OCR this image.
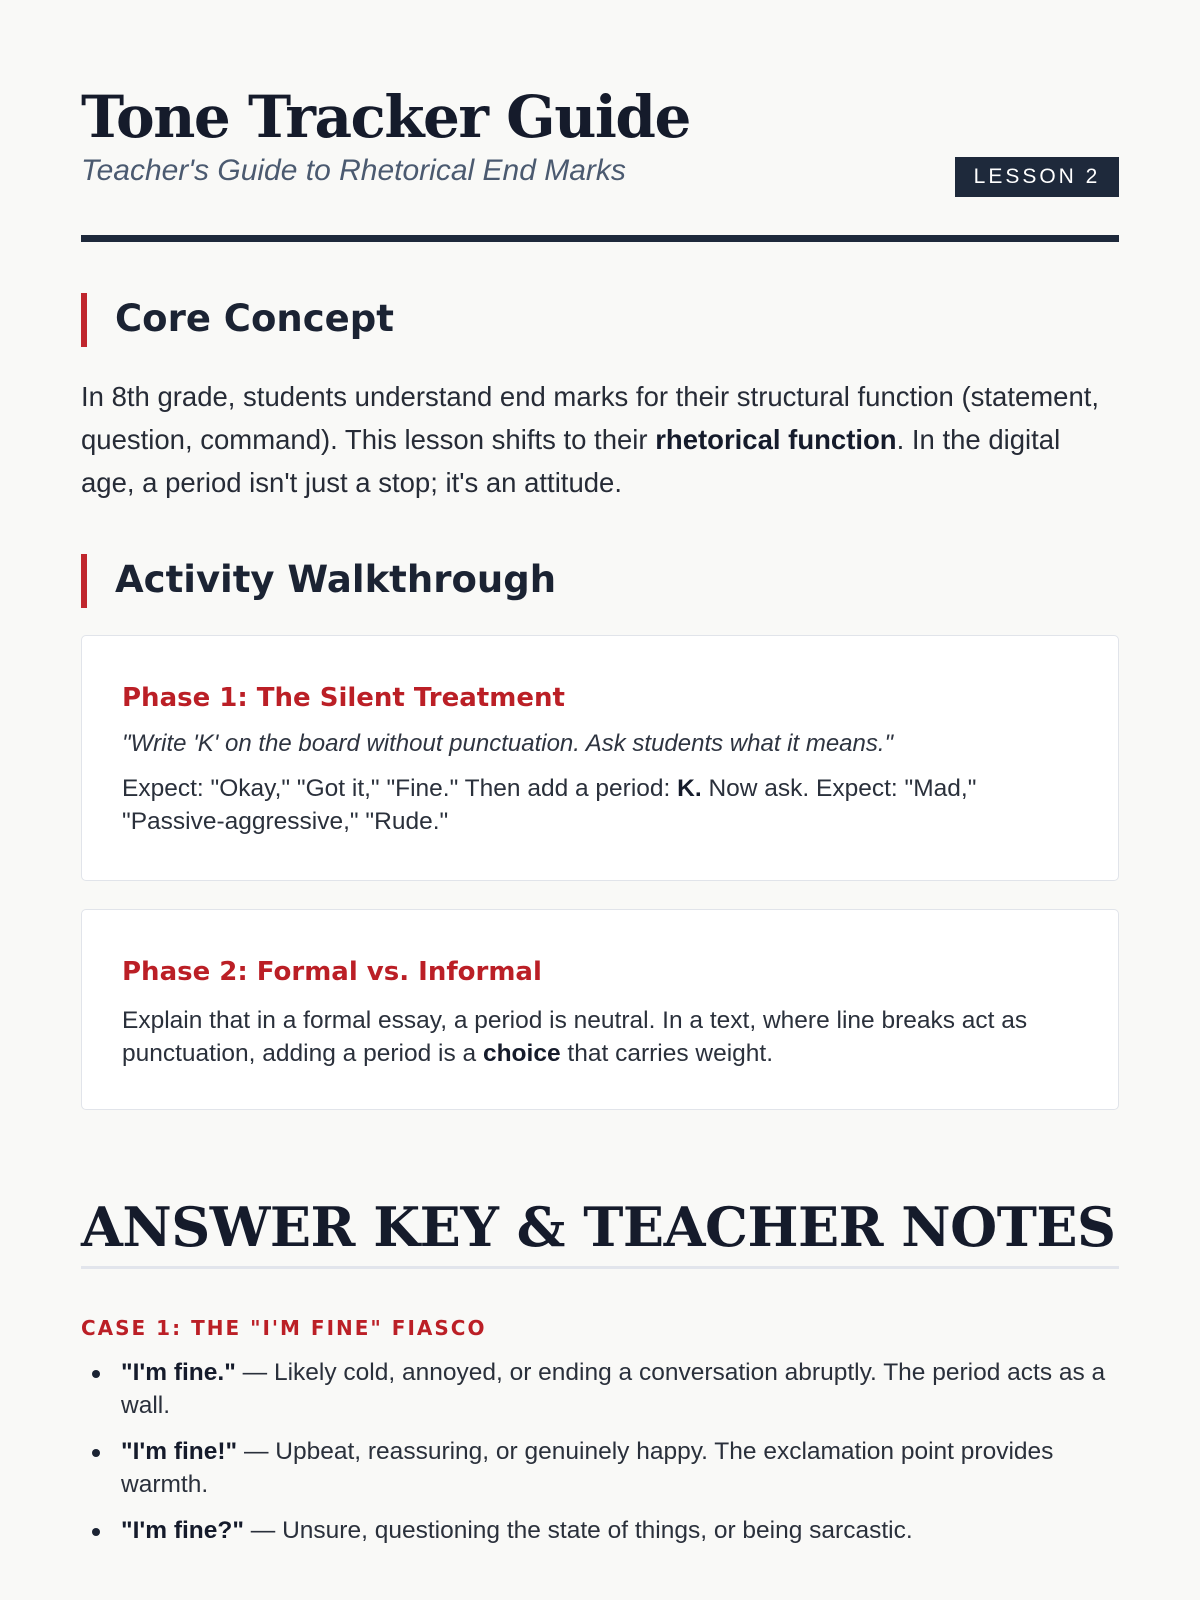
Tone Tracker Guide
Teacher's Guide to Rhetorical End Marks	LESSON 2
Core Concept

In 8th grade, students understand end marks for their structural function (statement, question, command). This lesson shifts to their rhetorical function. In the digital age, a period isn't just a stop; it's an attitude.

Activity Walkthrough
Phase 1: The Silent Treatment

"Write 'K' on the board without punctuation. Ask students what it means."

Expect: "Okay," "Got it," "Fine." Then add a period: K. Now ask. Expect: "Mad," "Passive-aggressive," "Rude."

Phase 2: Formal vs. Informal

Explain that in a formal essay, a period is neutral. In a text, where line breaks act as punctuation, adding a period is a choice that carries weight.

ANSWER KEY & TEACHER NOTES
CASE 1: THE "I'M FINE" FIASCO
"I'm fine." — Likely cold, annoyed, or ending a conversation abruptly. The period acts as a wall.
"I'm fine!" — Upbeat, reassuring, or genuinely happy. The exclamation point provides warmth.
"I'm fine?" — Unsure, questioning the state of things, or being sarcastic.
